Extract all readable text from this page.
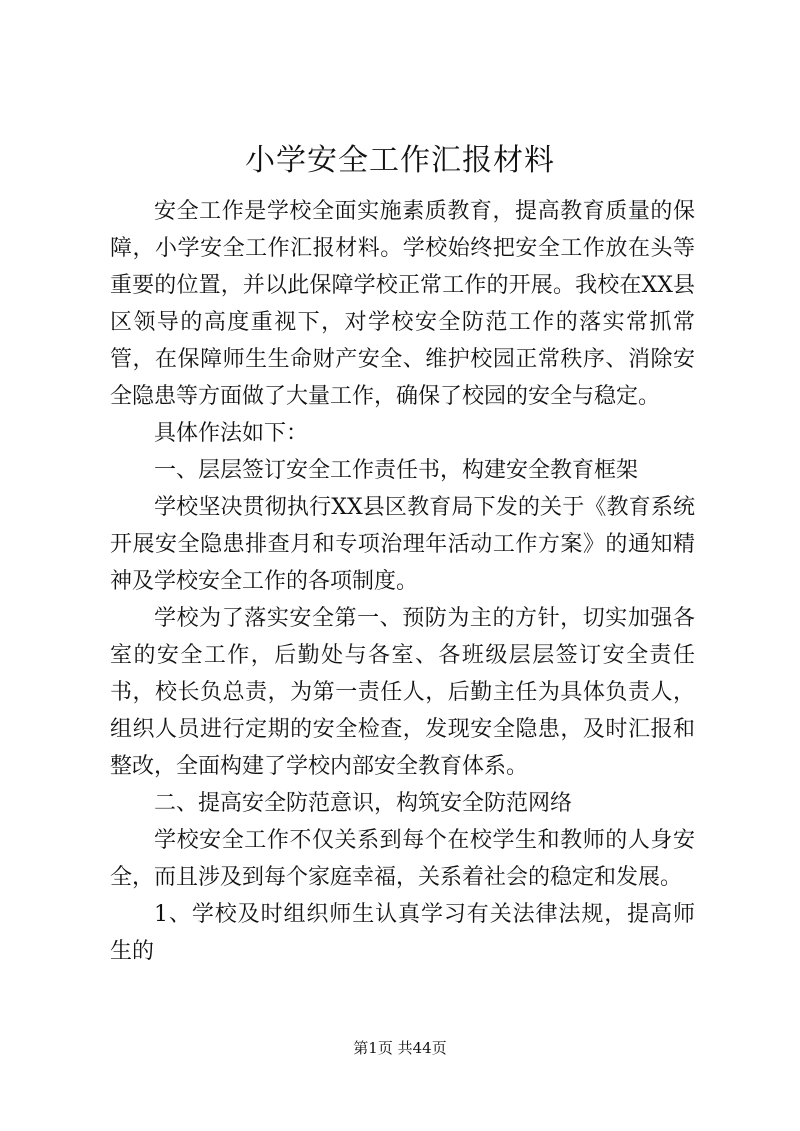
小学安全工作汇报材料

安全工作是学校全面实施素质教育，提高教育质量的保障，小学安全工作汇报材料。学校始终把安全工作放在头等重要的位置，并以此保障学校正常工作的开展。我校在XX县区领导的高度重视下，对学校安全防范工作的落实常抓常管，在保障师生生命财产安全、维护校园正常秩序、消除安全隐患等方面做了大量工作，确保了校园的安全与稳定。

具体作法如下：

一、层层签订安全工作责任书，构建安全教育框架

学校坚决贯彻执行XX县区教育局下发的关于《教育系统开展安全隐患排查月和专项治理年活动工作方案》的通知精神及学校安全工作的各项制度。

学校为了落实安全第一、预防为主的方针，切实加强各室的安全工作，后勤处与各室、各班级层层签订安全责任书，校长负总责，为第一责任人，后勤主任为具体负责人，组织人员进行定期的安全检查，发现安全隐患，及时汇报和整改，全面构建了学校内部安全教育体系。

二、提高安全防范意识，构筑安全防范网络

学校安全工作不仅关系到每个在校学生和教师的人身安全，而且涉及到每个家庭幸福，关系着社会的稳定和发展。

1、学校及时组织师生认真学习有关法律法规，提高师生的

第1页 共44页
